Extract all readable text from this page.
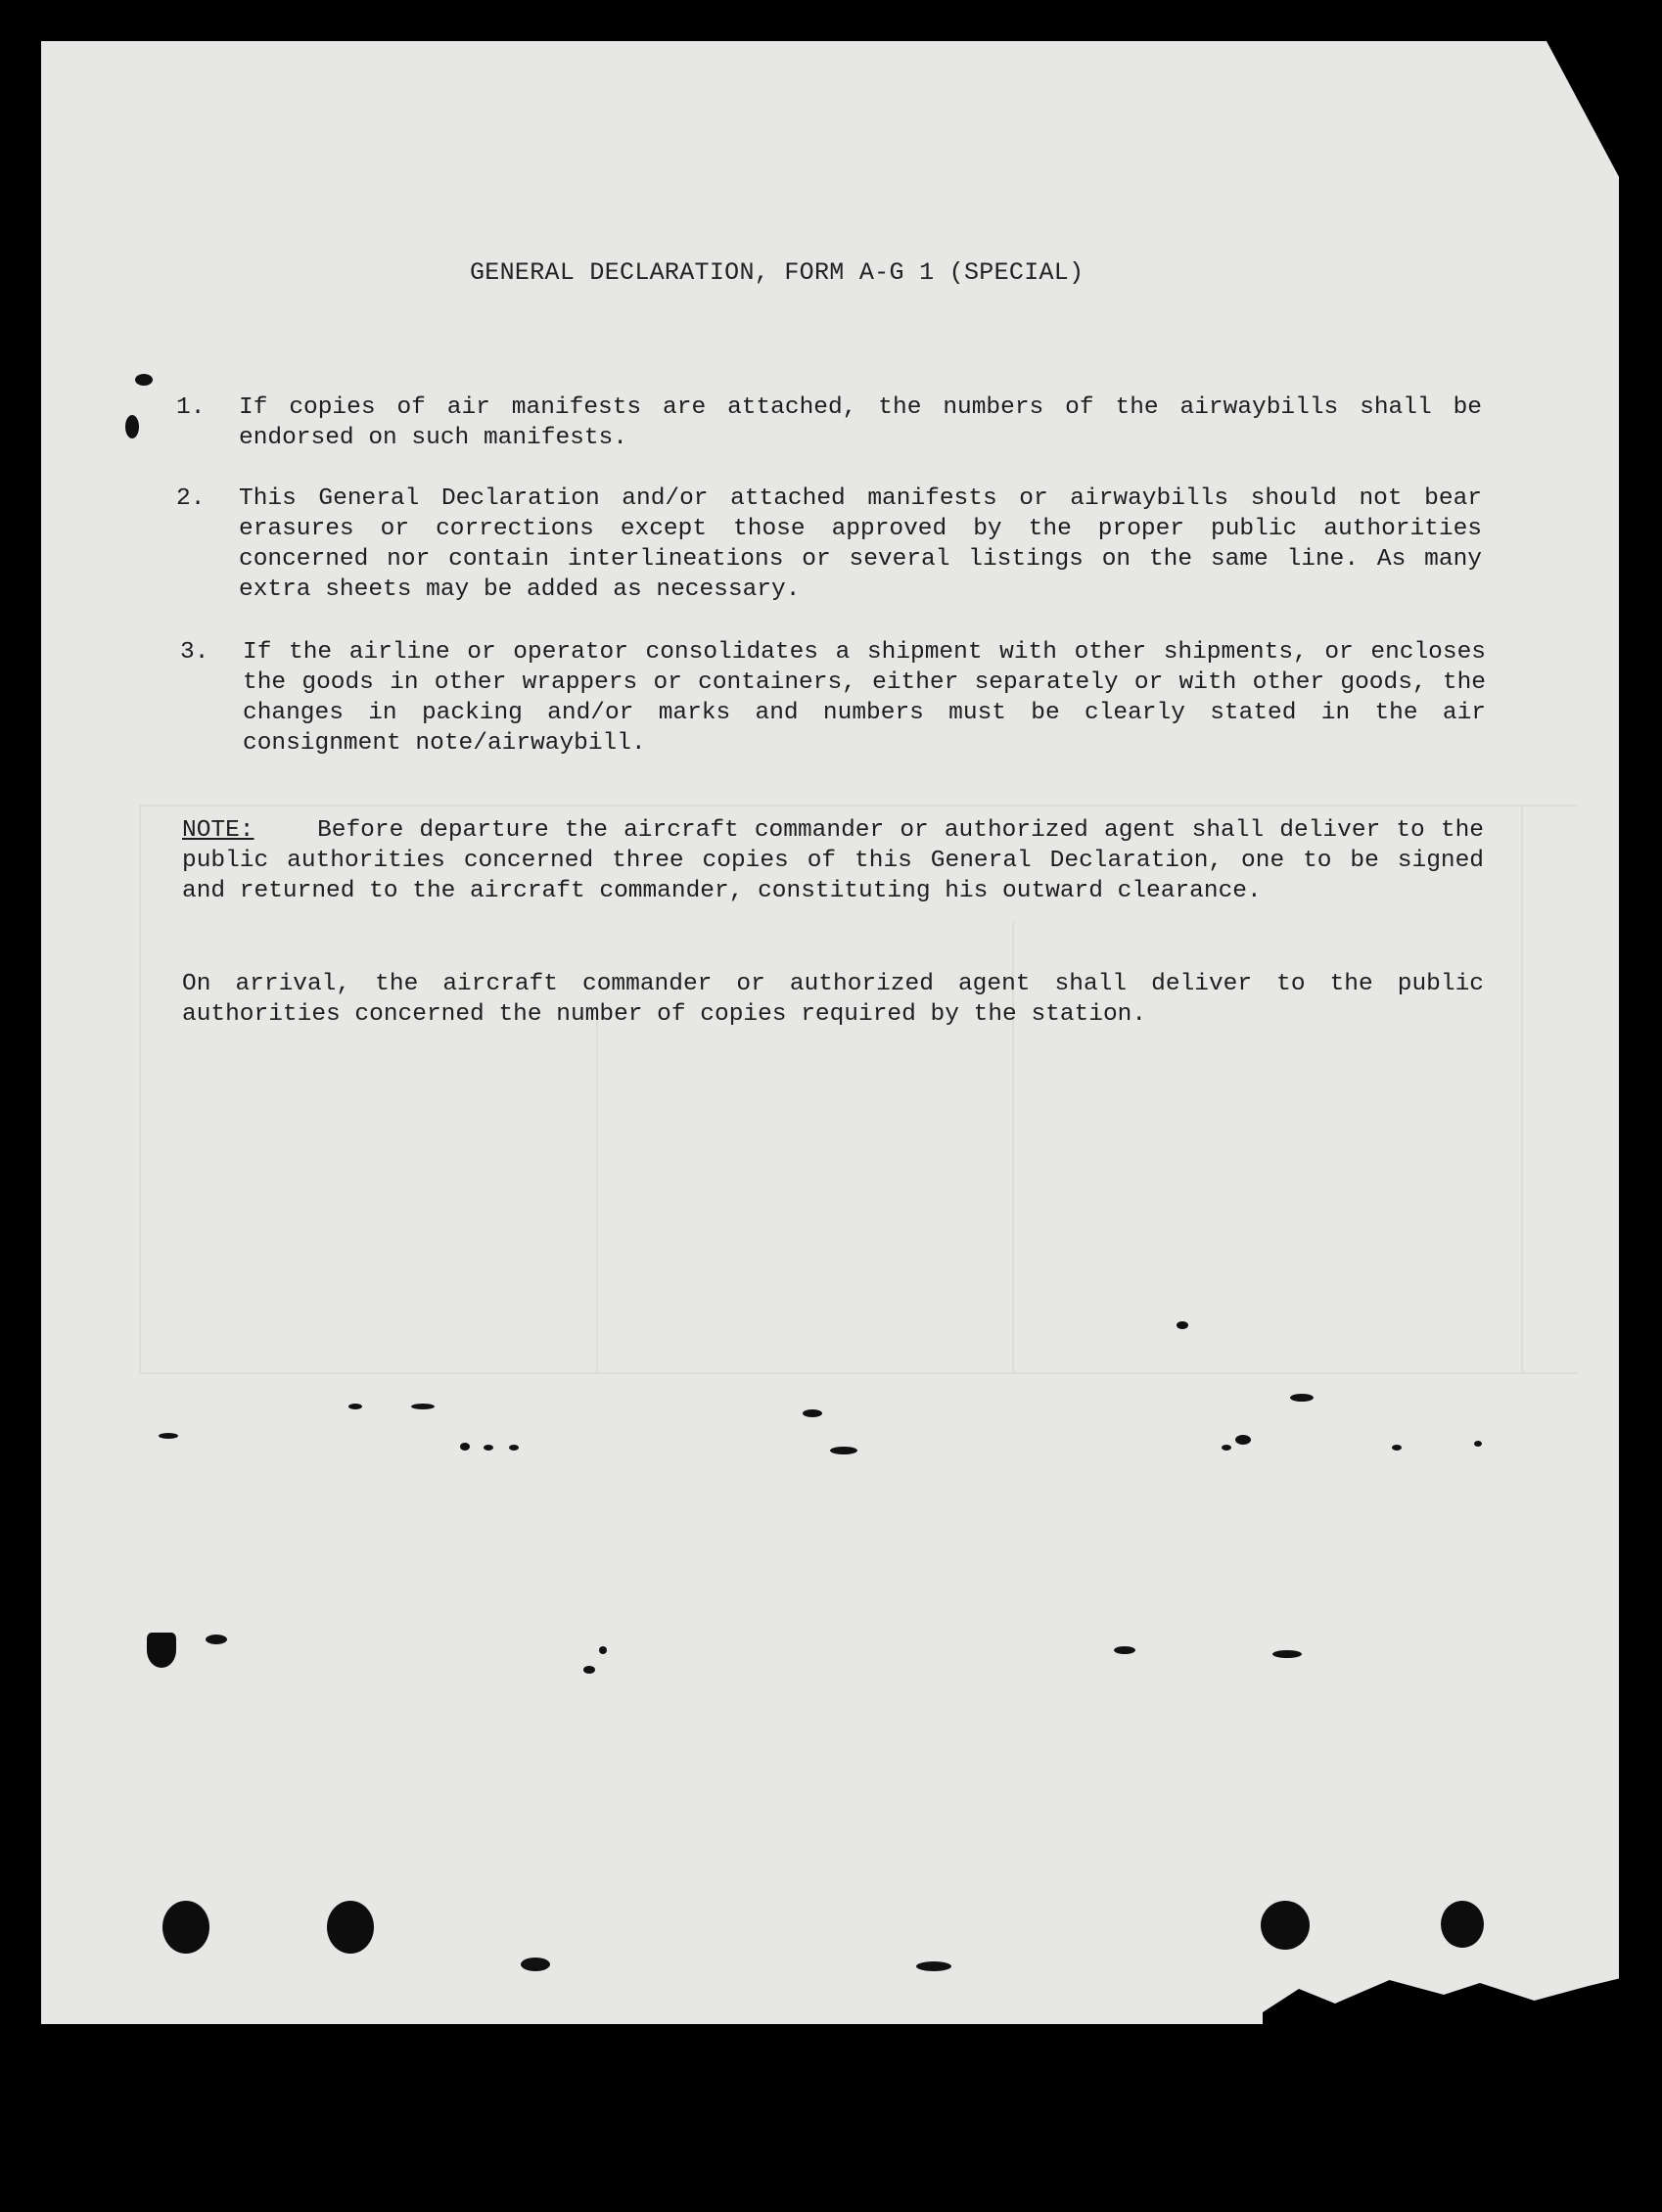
GENERAL DECLARATION, FORM A-G 1 (SPECIAL)
1.	If copies of air manifests are attached, the numbers of the airwaybills shall be endorsed on such manifests.

2.	This General Declaration and/or attached manifests or airwaybills should not bear erasures or corrections except those approved by the proper public authorities concerned nor contain interlineations or several listings on the same line. As many extra sheets may be added as necessary.

3.	If the airline or operator consolidates a shipment with other shipments, or encloses the goods in other wrappers or containers, either separately or with other goods, the changes in packing and/or marks and numbers must be clearly stated in the air consignment note/airwaybill.

NOTE:	Before departure the aircraft commander or authorized agent shall deliver to the public authorities concerned three copies of this General Declaration, one to be signed and returned to the aircraft commander, constituting his outward clearance.

On arrival, the aircraft commander or authorized agent shall deliver to the public authorities concerned the number of copies required by the station.
